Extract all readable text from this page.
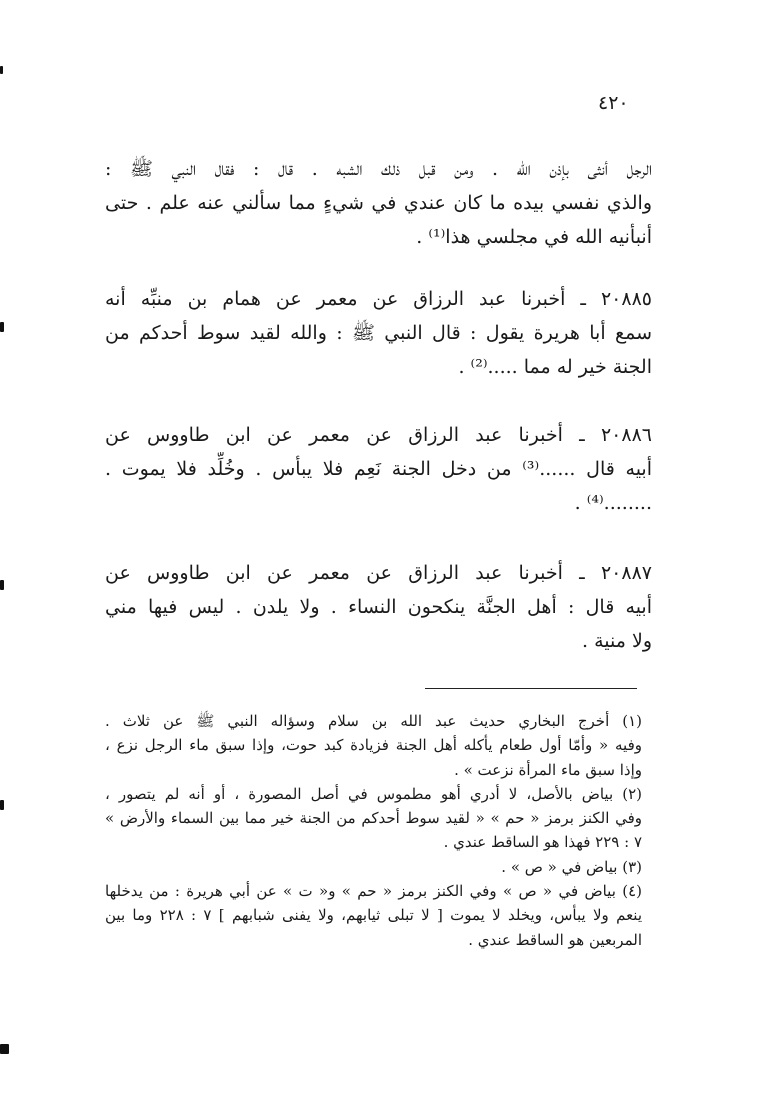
٤٢٠
الرجل أنثى بإذن الله . ومن قبل ذلك الشبه . قال : فقال النبي ﷺ :
والذي نفسي بيده ما كان عندي في شيءٍ مما سألني عنه علم . حتى
أنبأنيه الله في مجلسي هذا⁽¹⁾ .
٢٠٨٨٥ ـ أخبرنا عبد الرزاق عن معمر عن همام بن منبِّه أنه
سمع أبا هريرة يقول : قال النبي ﷺ : والله لقيد سوط أحدكم من
الجنة خير له مما .....⁽²⁾ .
٢٠٨٨٦ ـ أخبرنا عبد الرزاق عن معمر عن ابن طاووس عن
أبيه قال ......⁽³⁾ من دخل الجنة نَعِم فلا يبأس . وخُلِّد فلا يموت .
........⁽⁴⁾ .
٢٠٨٨٧ ـ أخبرنا عبد الرزاق عن معمر عن ابن طاووس عن
أبيه قال : أهل الجنَّة ينكحون النساء . ولا يلدن . ليس فيها مني
ولا منية .
(١) أخرج البخاري حديث عبد الله بن سلام وسؤاله النبي ﷺ عن ثلاث .
وفيه « وأمّا أول طعام يأكله أهل الجنة فزيادة كبد حوت، وإذا سبق ماء الرجل نزع ،
وإذا سبق ماء المرأة نزعت » .
(٢) بياض بالأصل، لا أدري أهو مطموس في أصل المصورة ، أو أنه لم يتصور ،
وفي الكنز برمز « حم » « لقيد سوط أحدكم من الجنة خير مما بين السماء والأرض »
٧ : ٢٢٩ فهذا هو الساقط عندي .
(٣) بياض في « ص » .
(٤) بياض في « ص » وفي الكنز برمز « حم » و« ت » عن أبي هريرة : من يدخلها
ينعم ولا يبأس، ويخلد لا يموت [ لا تبلى ثيابهم، ولا يفنى شبابهم ] ٧ : ٢٢٨ وما بين
المربعين هو الساقط عندي .
